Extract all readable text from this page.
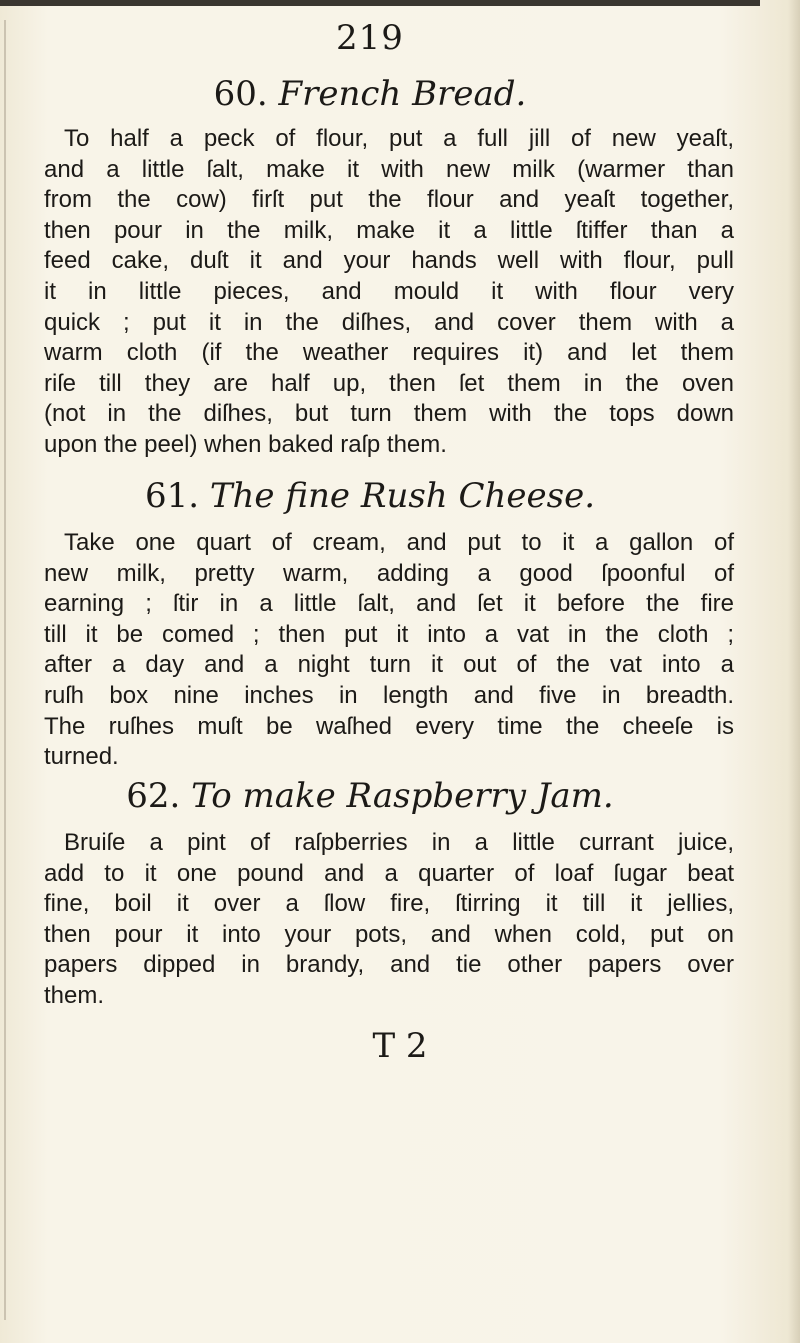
219
60. French Bread.
To half a peck of flour, put a full jill of new yeaſt,
and a little ſalt, make it with new milk (warmer than
from the cow) firſt put the flour and yeaſt together,
then pour in the milk, make it a little ſtiffer than a
feed cake, duſt it and your hands well with flour, pull
it in little pieces, and mould it with flour very
quick ; put it in the diſhes, and cover them with a
warm cloth (if the weather requires it) and let them
riſe till they are half up, then ſet them in the oven
(not in the diſhes, but turn them with the tops down
upon the peel) when baked raſp them.
61. The fine Rush Cheese.
Take one quart of cream, and put to it a gallon of
new milk, pretty warm, adding a good ſpoonful of
earning ; ſtir in a little ſalt, and ſet it before the fire
till it be comed ; then put it into a vat in the cloth ;
after a day and a night turn it out of the vat into a
ruſh box nine inches in length and five in breadth.
The ruſhes muſt be waſhed every time the cheeſe is
turned.
62. To make Raspberry Jam.
Bruiſe a pint of raſpberries in a little currant juice,
add to it one pound and a quarter of loaf ſugar beat
fine, boil it over a ſlow fire, ſtirring it till it jellies,
then pour it into your pots, and when cold, put on
papers dipped in brandy, and tie other papers over
them.
T 2
